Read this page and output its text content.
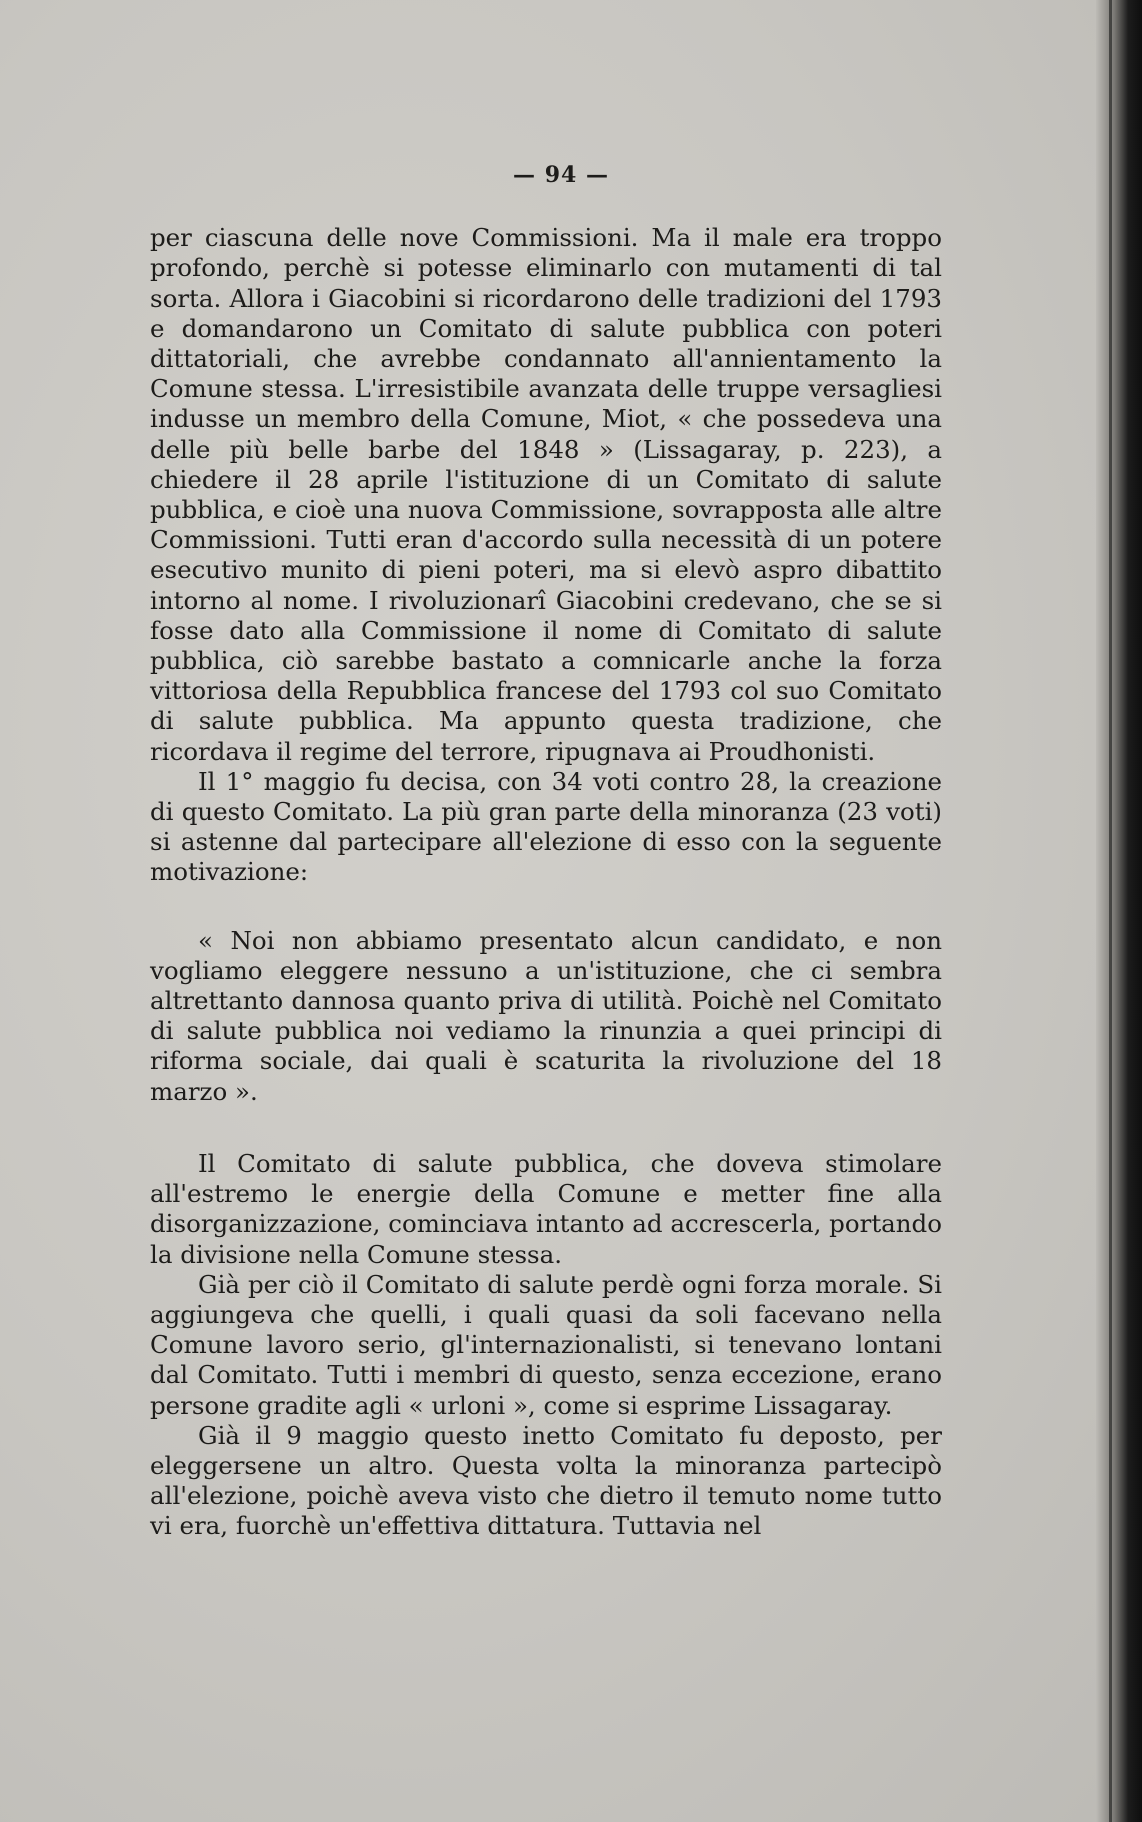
— 94 —

per ciascuna delle nove Commissioni. Ma il male era troppo profondo, perchè si potesse eliminarlo con mutamenti di tal sorta. Allora i Giacobini si ricordarono delle tradizioni del 1793 e domandarono un Comitato di salute pubblica con poteri dittatoriali, che avrebbe condannato all'annientamento la Comune stessa. L'irresistibile avanzata delle truppe versagliesi indusse un membro della Comune, Miot, « che possedeva una delle più belle barbe del 1848 » (Lissagaray, p. 223), a chiedere il 28 aprile l'istituzione di un Comitato di salute pubblica, e cioè una nuova Commissione, sovrapposta alle altre Commissioni. Tutti eran d'accordo sulla necessità di un potere esecutivo munito di pieni poteri, ma si elevò aspro dibattito intorno al nome. I rivoluzionarî Giacobini credevano, che se si fosse dato alla Commissione il nome di Comitato di salute pubblica, ciò sarebbe bastato a comnicarle anche la forza vittoriosa della Repubblica francese del 1793 col suo Comitato di salute pubblica. Ma appunto questa tradizione, che ricordava il regime del terrore, ripugnava ai Proudhonisti.

Il 1° maggio fu decisa, con 34 voti contro 28, la creazione di questo Comitato. La più gran parte della minoranza (23 voti) si astenne dal partecipare all'elezione di esso con la seguente motivazione:

« Noi non abbiamo presentato alcun candidato, e non vogliamo eleggere nessuno a un'istituzione, che ci sembra altrettanto dannosa quanto priva di utilità. Poichè nel Comitato di salute pubblica noi vediamo la rinunzia a quei principi di riforma sociale, dai quali è scaturita la rivoluzione del 18 marzo ».

Il Comitato di salute pubblica, che doveva stimolare all'estremo le energie della Comune e metter fine alla disorganizzazione, cominciava intanto ad accrescerla, portando la divisione nella Comune stessa.

Già per ciò il Comitato di salute perdè ogni forza morale. Si aggiungeva che quelli, i quali quasi da soli facevano nella Comune lavoro serio, gl'internazionalisti, si tenevano lontani dal Comitato. Tutti i membri di questo, senza eccezione, erano persone gradite agli « urloni », come si esprime Lissagaray.

Già il 9 maggio questo inetto Comitato fu deposto, per eleggersene un altro. Questa volta la minoranza partecipò all'elezione, poichè aveva visto che dietro il temuto nome tutto vi era, fuorchè un'effettiva dittatura. Tuttavia nel
